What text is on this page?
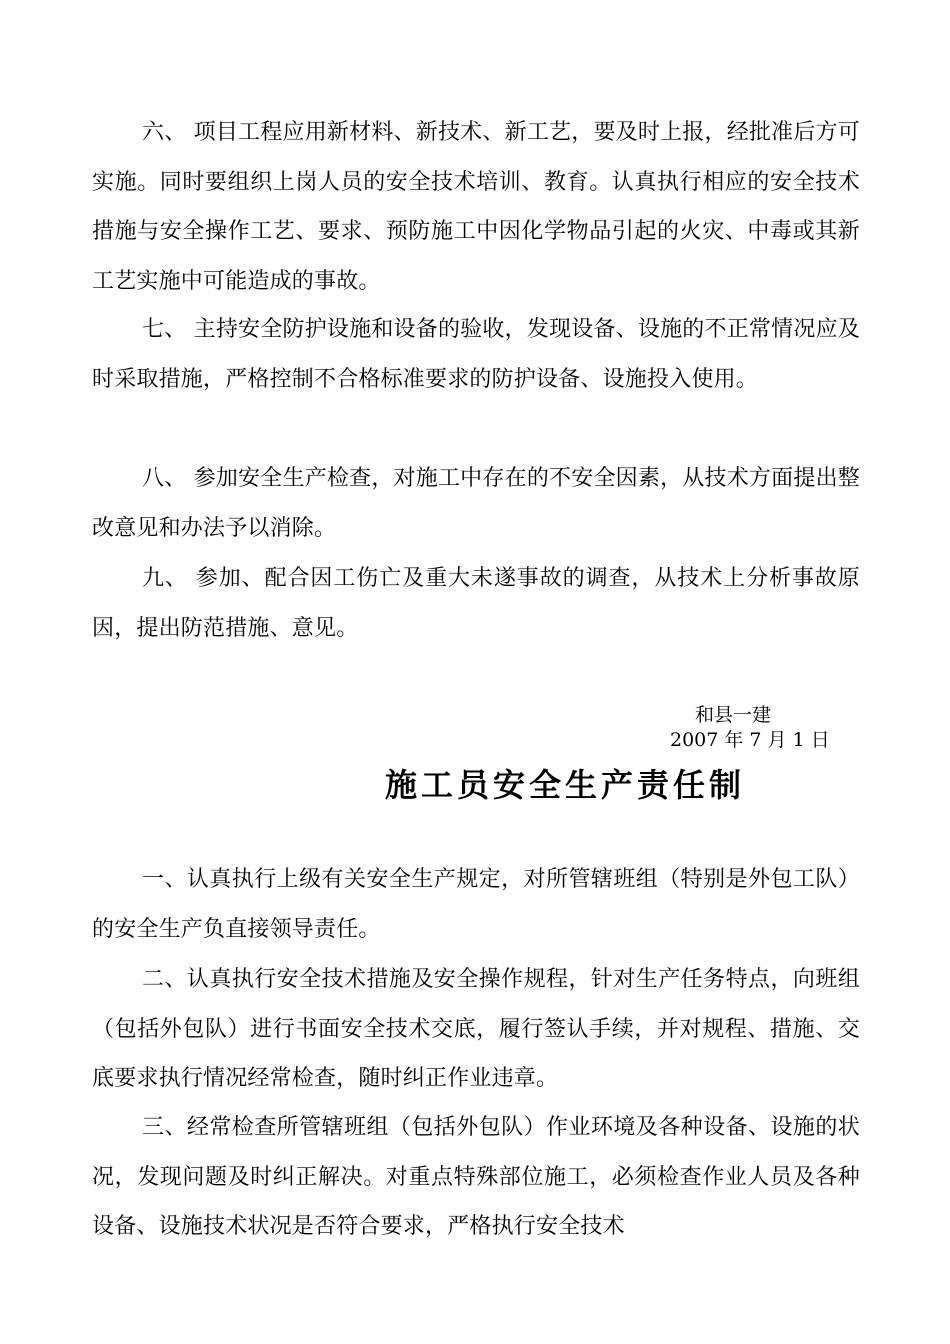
六、 项目工程应用新材料、新技术、新工艺，要及时上报，经批准后方可实施。同时要组织上岗人员的安全技术培训、教育。认真执行相应的安全技术措施与安全操作工艺、要求、预防施工中因化学物品引起的火灾、中毒或其新工艺实施中可能造成的事故。

七、 主持安全防护设施和设备的验收，发现设备、设施的不正常情况应及时采取措施，严格控制不合格标准要求的防护设备、设施投入使用。

八、 参加安全生产检查，对施工中存在的不安全因素，从技术方面提出整改意见和办法予以消除。

九、 参加、配合因工伤亡及重大未遂事故的调查，从技术上分析事故原因，提出防范措施、意见。

和县一建
2007 年 7 月 1 日
施工员安全生产责任制

一、认真执行上级有关安全生产规定，对所管辖班组（特别是外包工队）的安全生产负直接领导责任。

二、认真执行安全技术措施及安全操作规程，针对生产任务特点，向班组（包括外包队）进行书面安全技术交底，履行签认手续，并对规程、措施、交底要求执行情况经常检查，随时纠正作业违章。

三、经常检查所管辖班组（包括外包队）作业环境及各种设备、设施的状况，发现问题及时纠正解决。对重点特殊部位施工，必须检查作业人员及各种设备、设施技术状况是否符合要求，严格执行安全技术
